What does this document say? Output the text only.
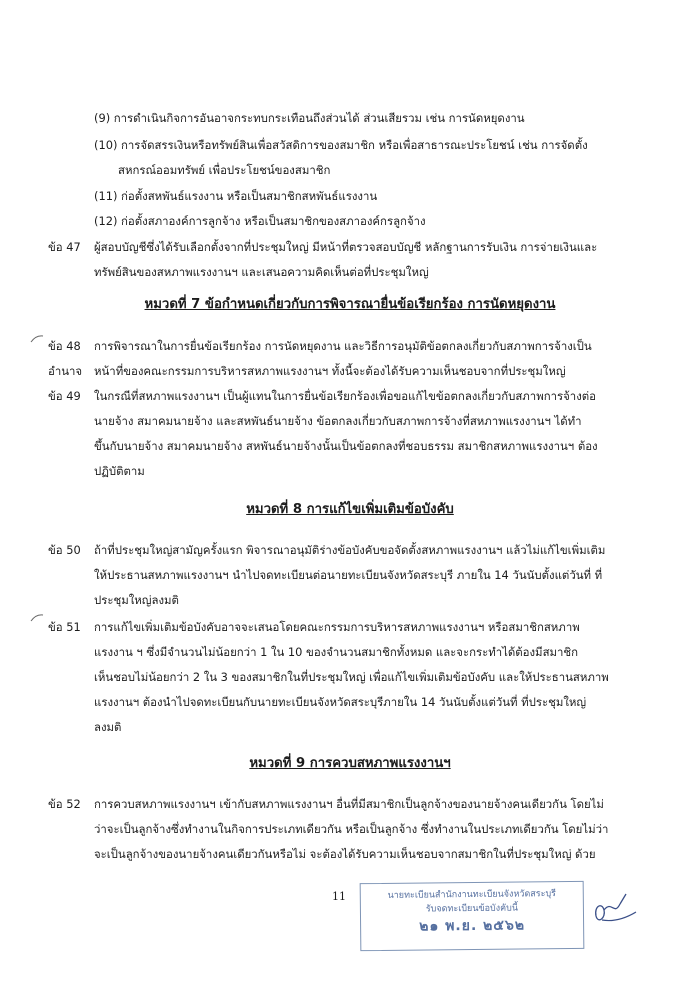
ข้อ 47
ข้อ 48
อำนาจ
ข้อ 49
ข้อ 50
ข้อ 51
ข้อ 52
หมวดที่ 7 ข้อกำหนดเกี่ยวกับการพิจารณายื่นข้อเรียกร้อง การนัดหยุดงาน
หมวดที่ 8 การแก้ไขเพิ่มเติมข้อบังคับ
หมวดที่ 9 การควบสหภาพแรงงานฯ
(9) การดำเนินกิจการอันอาจกระทบกระเทือนถึงส่วนได้ ส่วนเสียรวม เช่น การนัดหยุดงาน
(10) การจัดสรรเงินหรือทรัพย์สินเพื่อสวัสดิการของสมาชิก หรือเพื่อสาธารณะประโยชน์ เช่น การจัดตั้ง
สหกรณ์ออมทรัพย์ เพื่อประโยชน์ของสมาชิก
(11) ก่อตั้งสหพันธ์แรงงาน หรือเป็นสมาชิกสหพันธ์แรงงาน
(12) ก่อตั้งสภาองค์การลูกจ้าง หรือเป็นสมาชิกของสภาองค์กรลูกจ้าง
ผู้สอบบัญชีซึ่งได้รับเลือกตั้งจากที่ประชุมใหญ่ มีหน้าที่ตรวจสอบบัญชี หลักฐานการรับเงิน การจ่ายเงินและ
ทรัพย์สินของสหภาพแรงงานฯ และเสนอความคิดเห็นต่อที่ประชุมใหญ่
การพิจารณาในการยื่นข้อเรียกร้อง การนัดหยุดงาน และวิธีการอนุมัติข้อตกลงเกี่ยวกับสภาพการจ้างเป็น
หน้าที่ของคณะกรรมการบริหารสหภาพแรงงานฯ ทั้งนี้จะต้องได้รับความเห็นชอบจากที่ประชุมใหญ่
ในกรณีที่สหภาพแรงงานฯ เป็นผู้แทนในการยื่นข้อเรียกร้องเพื่อขอแก้ไขข้อตกลงเกี่ยวกับสภาพการจ้างต่อ
นายจ้าง สมาคมนายจ้าง และสหพันธ์นายจ้าง ข้อตกลงเกี่ยวกับสภาพการจ้างที่สหภาพแรงงานฯ ได้ทำ
ขึ้นกับนายจ้าง สมาคมนายจ้าง สหพันธ์นายจ้างนั้นเป็นข้อตกลงที่ชอบธรรม สมาชิกสหภาพแรงงานฯ ต้อง
ปฏิบัติตาม
ถ้าที่ประชุมใหญ่สามัญครั้งแรก พิจารณาอนุมัติร่างข้อบังคับขอจัดตั้งสหภาพแรงงานฯ แล้วไม่แก้ไขเพิ่มเติม
ให้ประธานสหภาพแรงงานฯ นำไปจดทะเบียนต่อนายทะเบียนจังหวัดสระบุรี ภายใน 14 วันนับตั้งแต่วันที่ ที่
ประชุมใหญ่ลงมติ
การแก้ไขเพิ่มเติมข้อบังคับอาจจะเสนอโดยคณะกรรมการบริหารสหภาพแรงงานฯ หรือสมาชิกสหภาพ
แรงงาน ฯ ซึ่งมีจำนวนไม่น้อยกว่า 1 ใน 10 ของจำนวนสมาชิกทั้งหมด และจะกระทำได้ต้องมีสมาชิก
เห็นชอบไม่น้อยกว่า 2 ใน 3 ของสมาชิกในที่ประชุมใหญ่ เพื่อแก้ไขเพิ่มเติมข้อบังคับ และให้ประธานสหภาพ
แรงงานฯ ต้องนำไปจดทะเบียนกับนายทะเบียนจังหวัดสระบุรีภายใน 14 วันนับตั้งแต่วันที่ ที่ประชุมใหญ่
ลงมติ
การควบสหภาพแรงงานฯ เข้ากับสหภาพแรงงานฯ อื่นที่มีสมาชิกเป็นลูกจ้างของนายจ้างคนเดียวกัน โดยไม่
ว่าจะเป็นลูกจ้างซึ่งทำงานในกิจการประเภทเดียวกัน หรือเป็นลูกจ้าง ซึ่งทำงานในประเภทเดียวกัน โดยไม่ว่า
จะเป็นลูกจ้างของนายจ้างคนเดียวกันหรือไม่ จะต้องได้รับความเห็นชอบจากสมาชิกในที่ประชุมใหญ่ ด้วย
11	นายทะเบียนสำนักงานทะเบียนจังหวัดสระบุรี
รับจดทะเบียนข้อบังคับนี้
๒๑ พ.ย. ๒๕๖๒
